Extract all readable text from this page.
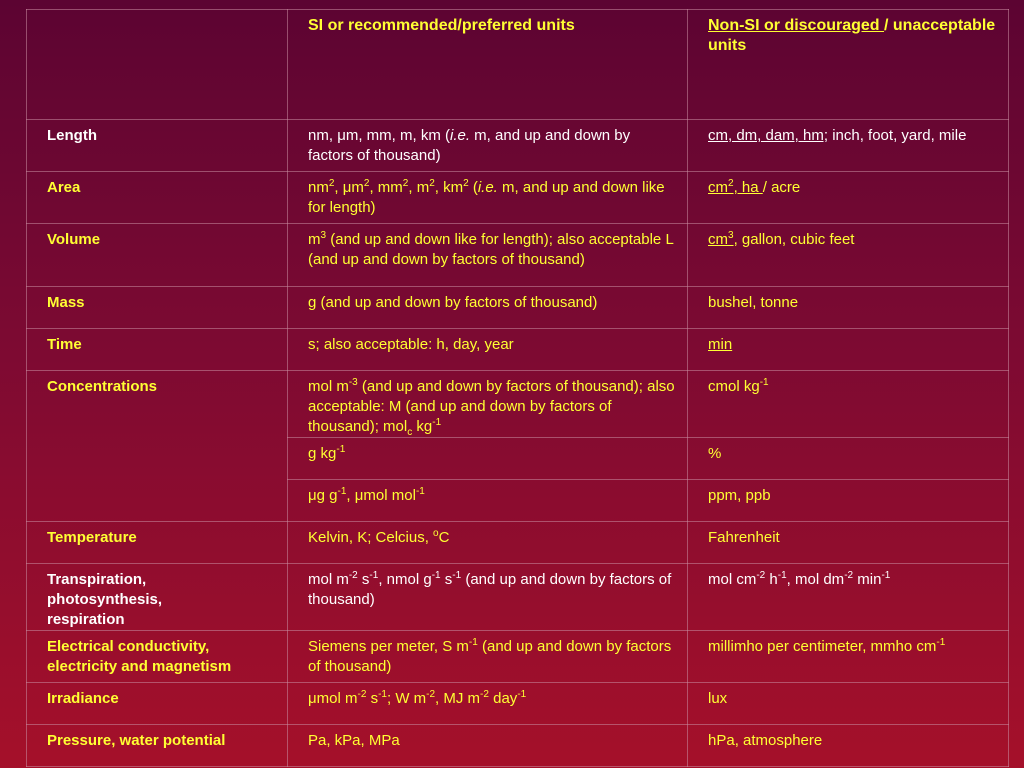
	SI or recommended/preferred units	Non-SI or discouraged / unacceptable units
Length	nm, μm, mm, m, km (i.e. m, and up and down by factors of thousand)	cm, dm, dam, hm; inch, foot, yard, mile
Area	$nm^2$, $\mu m^2$, $mm^2$, $m^2$, $km^2$ (i.e. m, and up and down like for length)	$cm^2$, ha / acre
Volume	$m^3$ (and up and down like for length); also acceptable L (and up and down by factors of thousand)	$cm^3$, gallon, cubic feet
Mass	g (and up and down by factors of thousand)	bushel, tonne
Time	s; also acceptable: h, day, year	min
Concentrations	mol $m^{-3}$ (and up and down by factors of thousand); also acceptable: M (and up and down by factors of thousand); mol$_c$ $kg^{-1}$	cmol $kg^{-1}$
	g $kg^{-1}$	%
	μg $g^{-1}$, μmol mol$^{-1}$	ppm, ppb
Temperature	Kelvin, K; Celcius, $^o$C	Fahrenheit
Transpiration, photosynthesis, respiration	mol $m^{-2}$ $s^{-1}$, nmol $g^{-1}$ $s^{-1}$ (and up and down by factors of thousand)	mol $cm^{-2}$ $h^{-1}$, mol $dm^{-2}$ $\min^{-1}$
Electrical conductivity, electricity and magnetism	Siemens per meter, S $m^{-1}$ (and up and down by factors of thousand)	millimho per centimeter, mmho $cm^{-1}$
Irradiance	μmol $m^{-2}$ $s^{-1}$; W $m^{-2}$, MJ $m^{-2}$ day$^{-1}$	lux
Pressure, water potential	Pa, kPa, MPa	hPa, atmosphere
